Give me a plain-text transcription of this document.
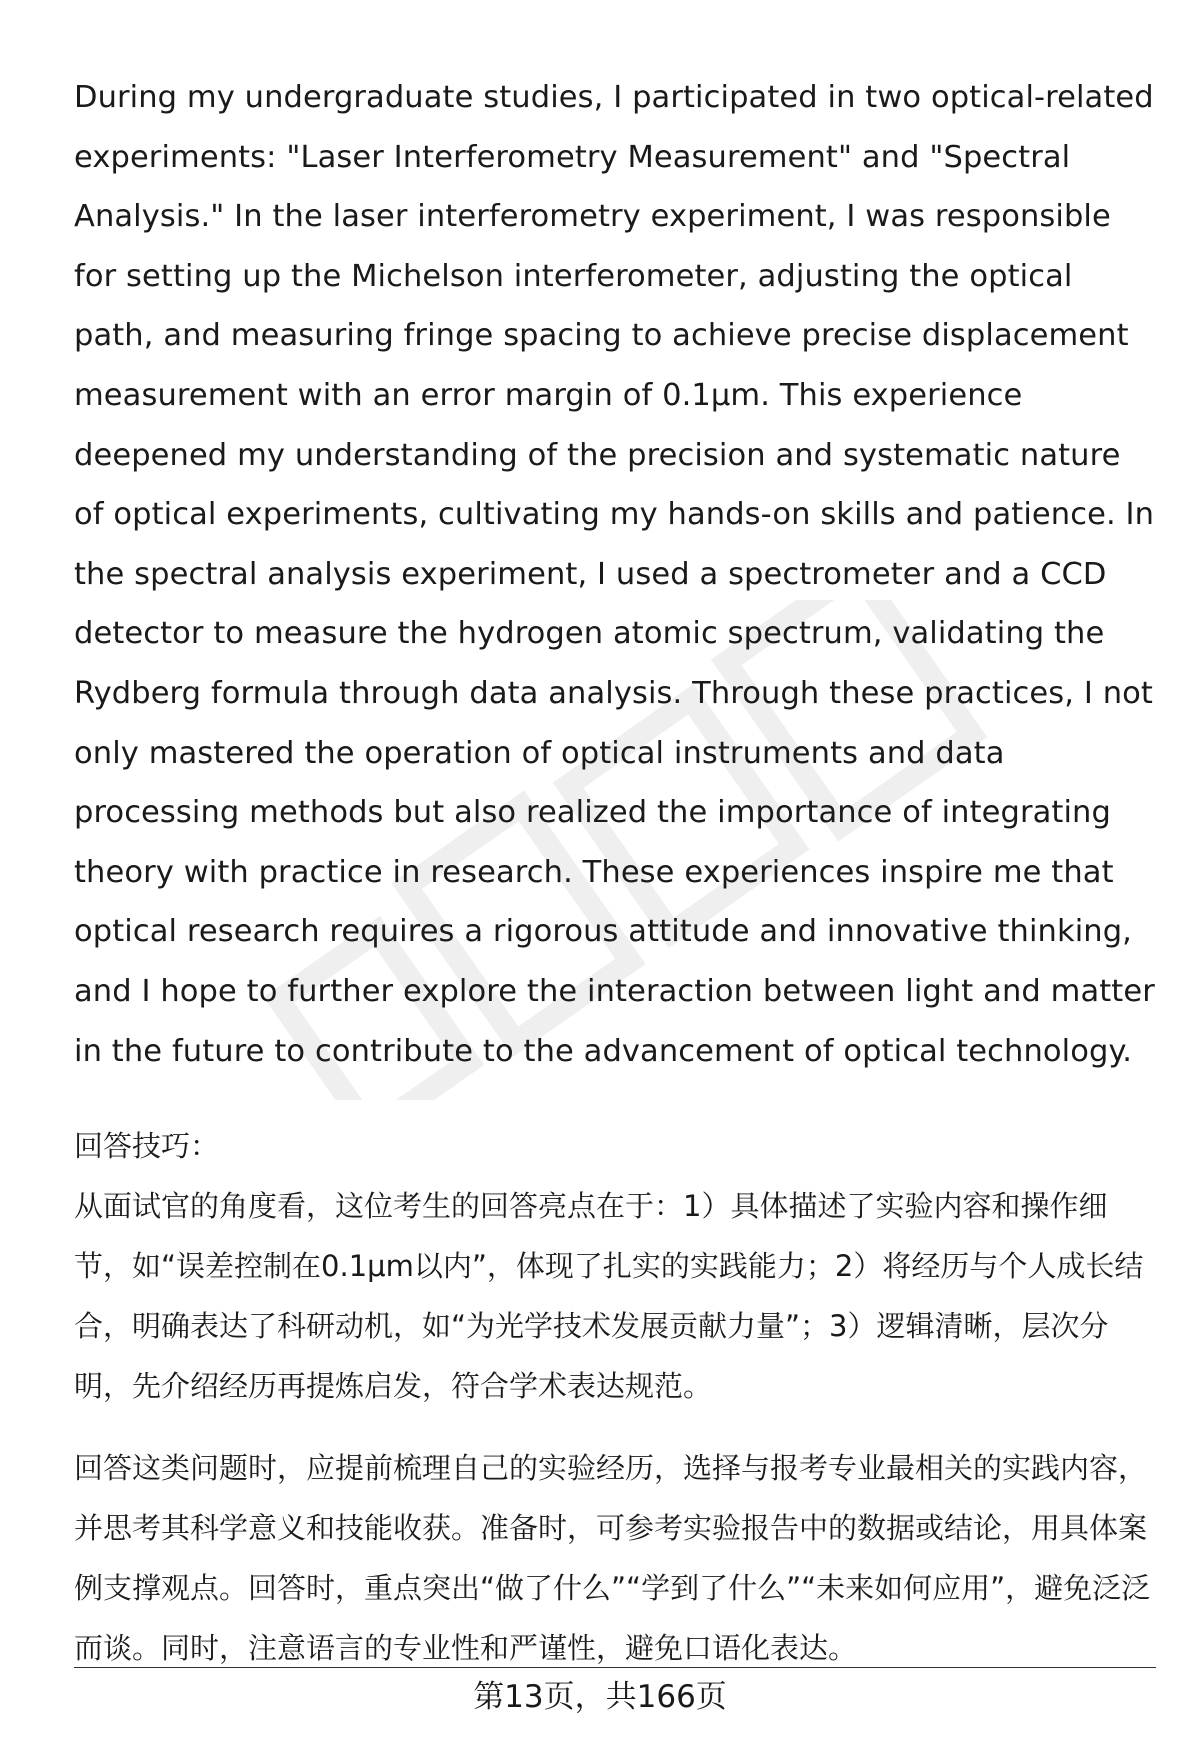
During my undergraduate studies, I participated in two optical-related experiments: "Laser Interferometry Measurement" and "Spectral Analysis." In the laser interferometry experiment, I was responsible for setting up the Michelson interferometer, adjusting the optical path, and measuring fringe spacing to achieve precise displacement measurement with an error margin of 0.1μm. This experience deepened my understanding of the precision and systematic nature of optical experiments, cultivating my hands-on skills and patience. In the spectral analysis experiment, I used a spectrometer and a CCD detector to measure the hydrogen atomic spectrum, validating the Rydberg formula through data analysis. Through these practices, I not only mastered the operation of optical instruments and data processing methods but also realized the importance of integrating theory with practice in research. These experiences inspire me that optical research requires a rigorous attitude and innovative thinking, and I hope to further explore the interaction between light and matter in the future to contribute to the advancement of optical technology.

回答技巧：

从面试官的角度看，这位考生的回答亮点在于：1）具体描述了实验内容和操作细节，如“误差控制在0.1μm以内”，体现了扎实的实践能力；2）将经历与个人成长结合，明确表达了科研动机，如“为光学技术发展贡献力量”；3）逻辑清晰，层次分明，先介绍经历再提炼启发，符合学术表达规范。

回答这类问题时，应提前梳理自己的实验经历，选择与报考专业最相关的实践内容，并思考其科学意义和技能收获。准备时，可参考实验报告中的数据或结论，用具体案例支撑观点。回答时，重点突出“做了什么”“学到了什么”“未来如何应用”，避免泛泛而谈。同时，注意语言的专业性和严谨性，避免口语化表达。

第13页，共166页
